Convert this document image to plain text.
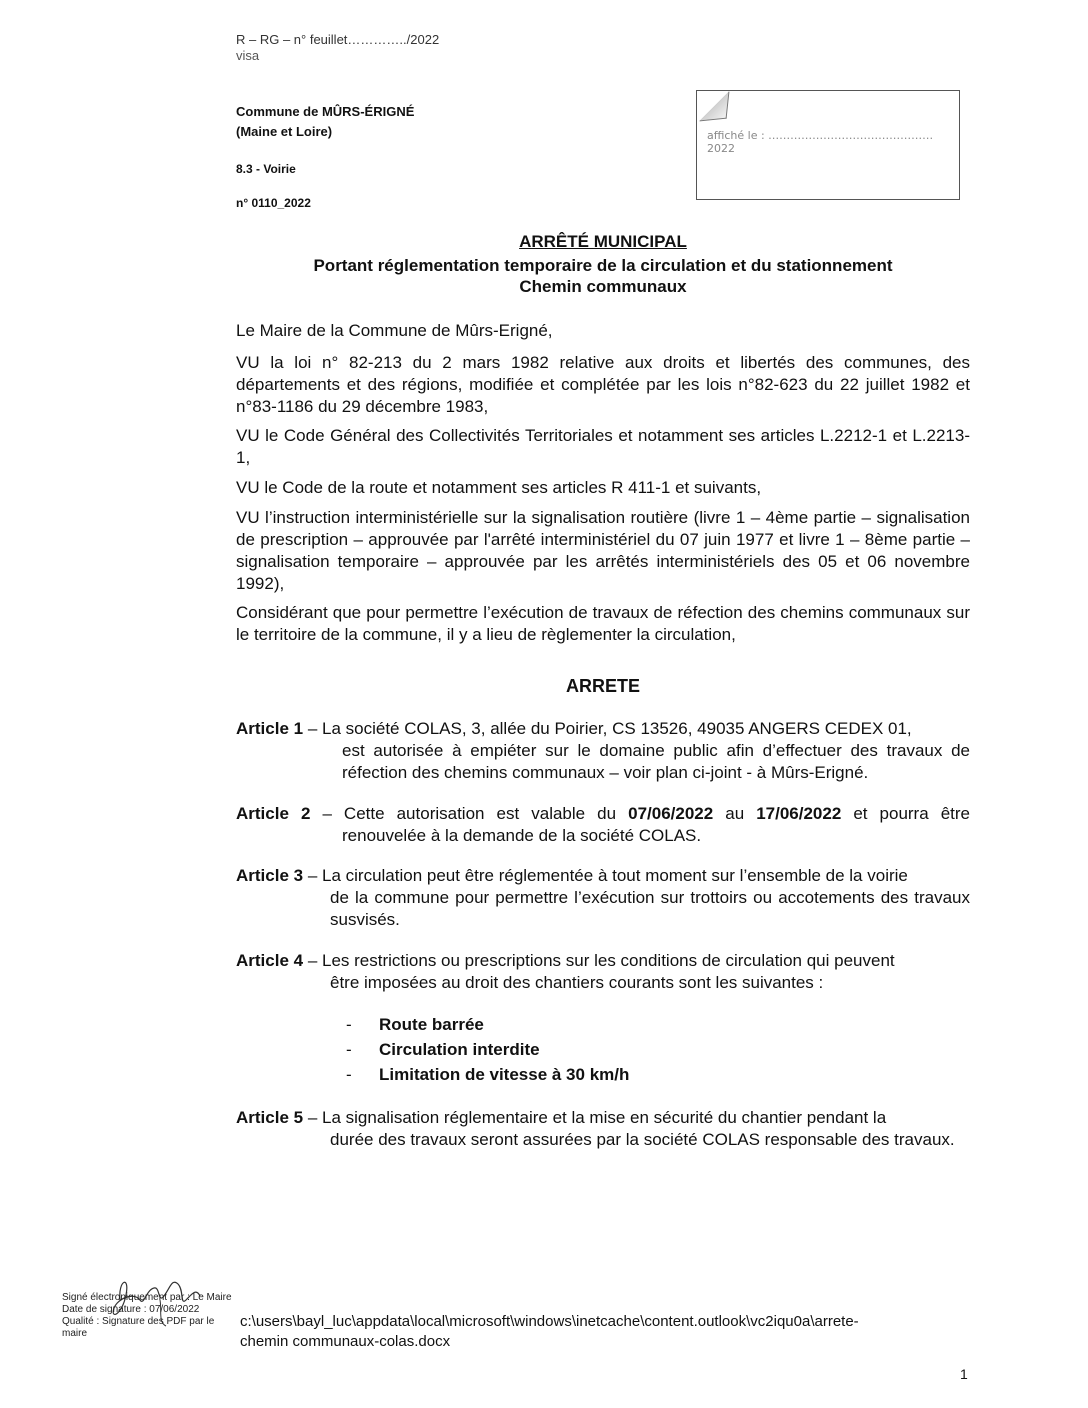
R – RG – n° feuillet…………../2022
visa
Commune de MÛRS-ÉRIGNÉ
(Maine et Loire)
8.3 - Voirie
n° 0110_2022
affiché le : ………………………………………2022
ARRÊTÉ MUNICIPAL
Portant réglementation temporaire de la circulation et du stationnement
Chemin communaux
Le Maire de la Commune de Mûrs-Erigné,
VU la loi n° 82-213 du 2 mars 1982 relative aux droits et libertés des communes, des départements et des régions, modifiée et complétée par les lois n°82-623 du 22 juillet 1982 et n°83-1186 du 29 décembre 1983,
VU le Code Général des Collectivités Territoriales et notamment ses articles L.2212-1 et L.2213-1,
VU le Code de la route et notamment ses articles R 411-1 et suivants,
VU l’instruction interministérielle sur la signalisation routière (livre 1 – 4ème partie – signalisation de prescription – approuvée par l'arrêté interministériel du 07 juin 1977 et livre 1 – 8ème partie – signalisation temporaire – approuvée par les arrêtés interministériels des 05 et 06 novembre 1992),
Considérant que pour permettre l’exécution de travaux de réfection des chemins communaux sur le territoire de la commune, il y a lieu de règlementer la circulation,
ARRETE
Article 1 – La société COLAS, 3, allée du Poirier, CS 13526, 49035 ANGERS CEDEX 01,
est autorisée à empiéter sur le domaine public afin d’effectuer des travaux de réfection des chemins communaux – voir plan ci-joint - à Mûrs-Erigné.
Article 2 – Cette autorisation est valable du 07/06/2022 au 17/06/2022 et pourra être
renouvelée à la demande de la société COLAS.
Article 3 – La circulation peut être réglementée à tout moment sur l’ensemble de la voirie
de la commune pour permettre l’exécution sur trottoirs ou accotements des travaux susvisés.
Article 4 – Les restrictions ou prescriptions sur les conditions de circulation qui peuvent
être imposées au droit des chantiers courants sont les suivantes :
- Route barrée
- Circulation interdite
- Limitation de vitesse à 30 km/h
Article 5 – La signalisation réglementaire et la mise en sécurité du chantier pendant la
durée des travaux seront assurées par la société COLAS responsable des travaux.
Signé électroniquement par : Le Maire
Date de signature : 07/06/2022
Qualité : Signature des PDF par le maire
c:\users\bayl_luc\appdata\local\microsoft\windows\inetcache\content.outlook\vc2iqu0a\arrete-
chemin communaux-colas.docx
1
